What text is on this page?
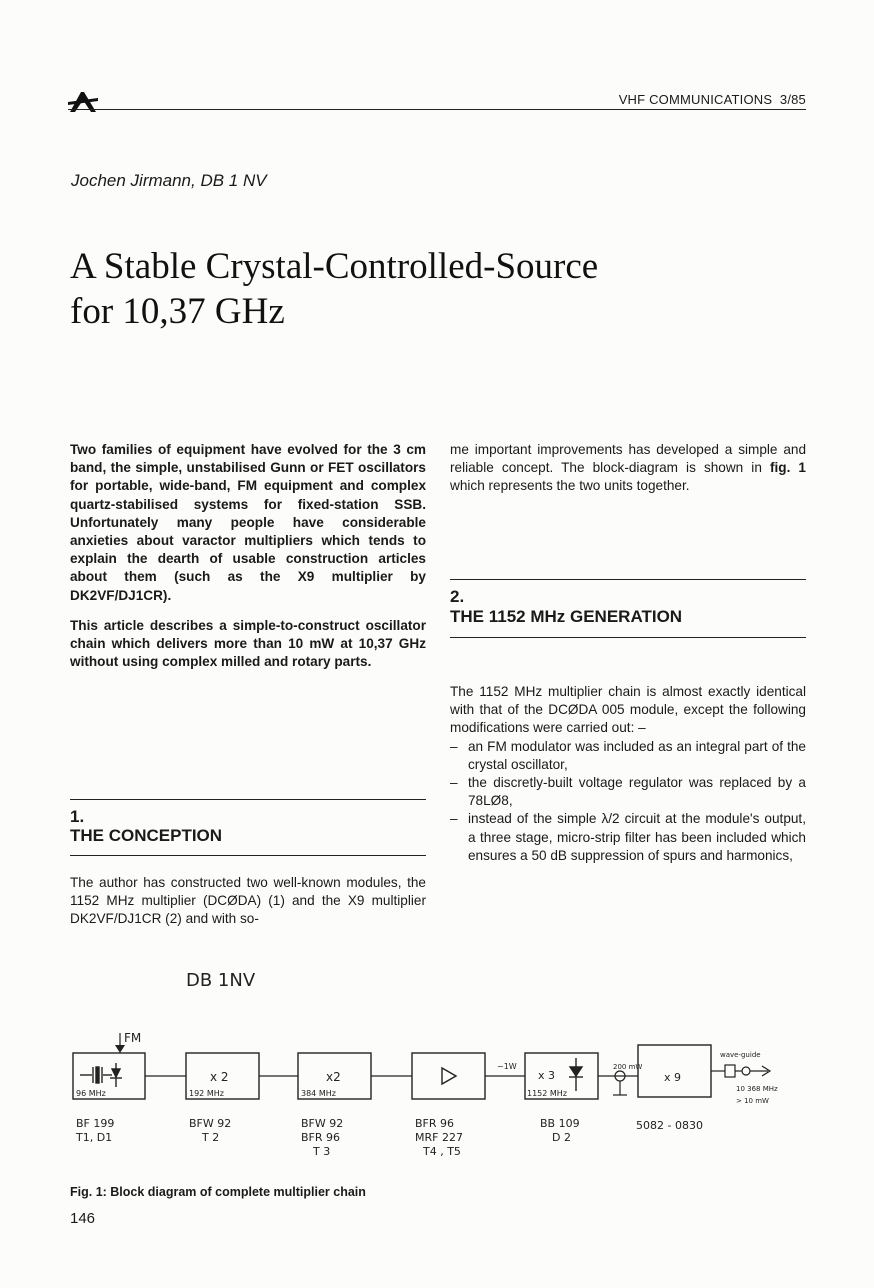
VHF COMMUNICATIONS 3/85
Jochen Jirmann, DB 1 NV
A Stable Crystal-Controlled-Source
for 10,37 GHz

Two families of equipment have evolved for the 3 cm band, the simple, unstabilised Gunn or FET oscillators for portable, wide-band, FM equipment and complex quartz-stabilised systems for fixed-station SSB. Unfortunately many people have considerable anxieties about varactor multipliers which tends to explain the dearth of usable construction articles about them (such as the X9 multiplier by DK2VF/DJ1CR).

This article describes a simple-to-construct oscillator chain which delivers more than 10 mW at 10,37 GHz without using complex milled and rotary parts.

1.
THE CONCEPTION

The author has constructed two well-known modules, the 1152 MHz multiplier (DCØDA) (1) and the X9 multiplier DK2VF/DJ1CR (2) and with so-

me important improvements has developed a simple and reliable concept. The block-diagram is shown in fig. 1 which represents the two units together.

2.
THE 1152 MHz GENERATION

The 1152 MHz multiplier chain is almost exactly identical with that of the DCØDA 005 module, except the following modifications were carried out: –

– an FM modulator was included as an integral part of the crystal oscillator,
– the discretly-built voltage regulator was replaced by a 78LØ8,
– instead of the simple λ/2 circuit at the module's output, a three stage, micro-strip filter has been included which ensures a 50 dB suppression of spurs and harmonics,
DB 1NV
FM
96 MHz
x 2
192 MHz
x2
384 MHz
~1W
x 3
1152 MHz
200 mW
x 9
wave-guide
10 368 MHz
> 10 mW
BF 199
T1, D1
BFW 92
T 2
BFW 92
BFR 96
T 3
BFR 96
MRF 227
T4 , T5
BB 109
D 2
5082 - 0830
Fig. 1: Block diagram of complete multiplier chain
146
